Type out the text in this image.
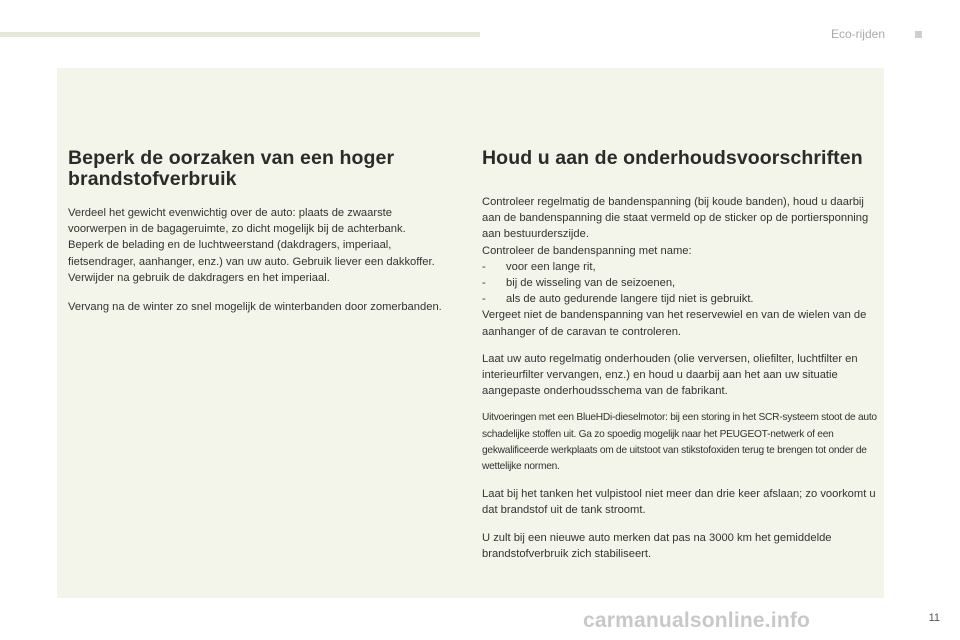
Eco-rijden
Beperk de oorzaken van een hoger
brandstofverbruik

Verdeel het gewicht evenwichtig over de auto: plaats de zwaarste voorwerpen in de bagageruimte, zo dicht mogelijk bij de achterbank.

Beperk de belading en de luchtweerstand (dakdragers, imperiaal, fietsendrager, aanhanger, enz.) van uw auto. Gebruik liever een dakkoffer.

Verwijder na gebruik de dakdragers en het imperiaal.

Vervang na de winter zo snel mogelijk de winterbanden door zomerbanden.

Houd u aan de onderhoudsvoorschriften

Controleer regelmatig de bandenspanning (bij koude banden), houd u daarbij aan de bandenspanning die staat vermeld op de sticker op de portiersponning aan bestuurderszijde.

Controleer de bandenspanning met name:

- voor een lange rit,
- bij de wisseling van de seizoenen,
- als de auto gedurende langere tijd niet is gebruikt.

Vergeet niet de bandenspanning van het reservewiel en van de wielen van de aanhanger of de caravan te controleren.

Laat uw auto regelmatig onderhouden (olie verversen, oliefilter, luchtfilter en interieurfilter vervangen, enz.) en houd u daarbij aan het aan uw situatie aangepaste onderhoudsschema van de fabrikant.

Uitvoeringen met een BlueHDi-dieselmotor: bij een storing in het SCR-systeem stoot de auto schadelijke stoffen uit. Ga zo spoedig mogelijk naar het PEUGEOT-netwerk of een gekwalificeerde werkplaats om de uitstoot van stikstofoxiden terug te brengen tot onder de wettelijke normen.

Laat bij het tanken het vulpistool niet meer dan drie keer afslaan; zo voorkomt u dat brandstof uit de tank stroomt.

U zult bij een nieuwe auto merken dat pas na 3000 km het gemiddelde brandstofverbruik zich stabiliseert.

carmanualsonline.info	11
